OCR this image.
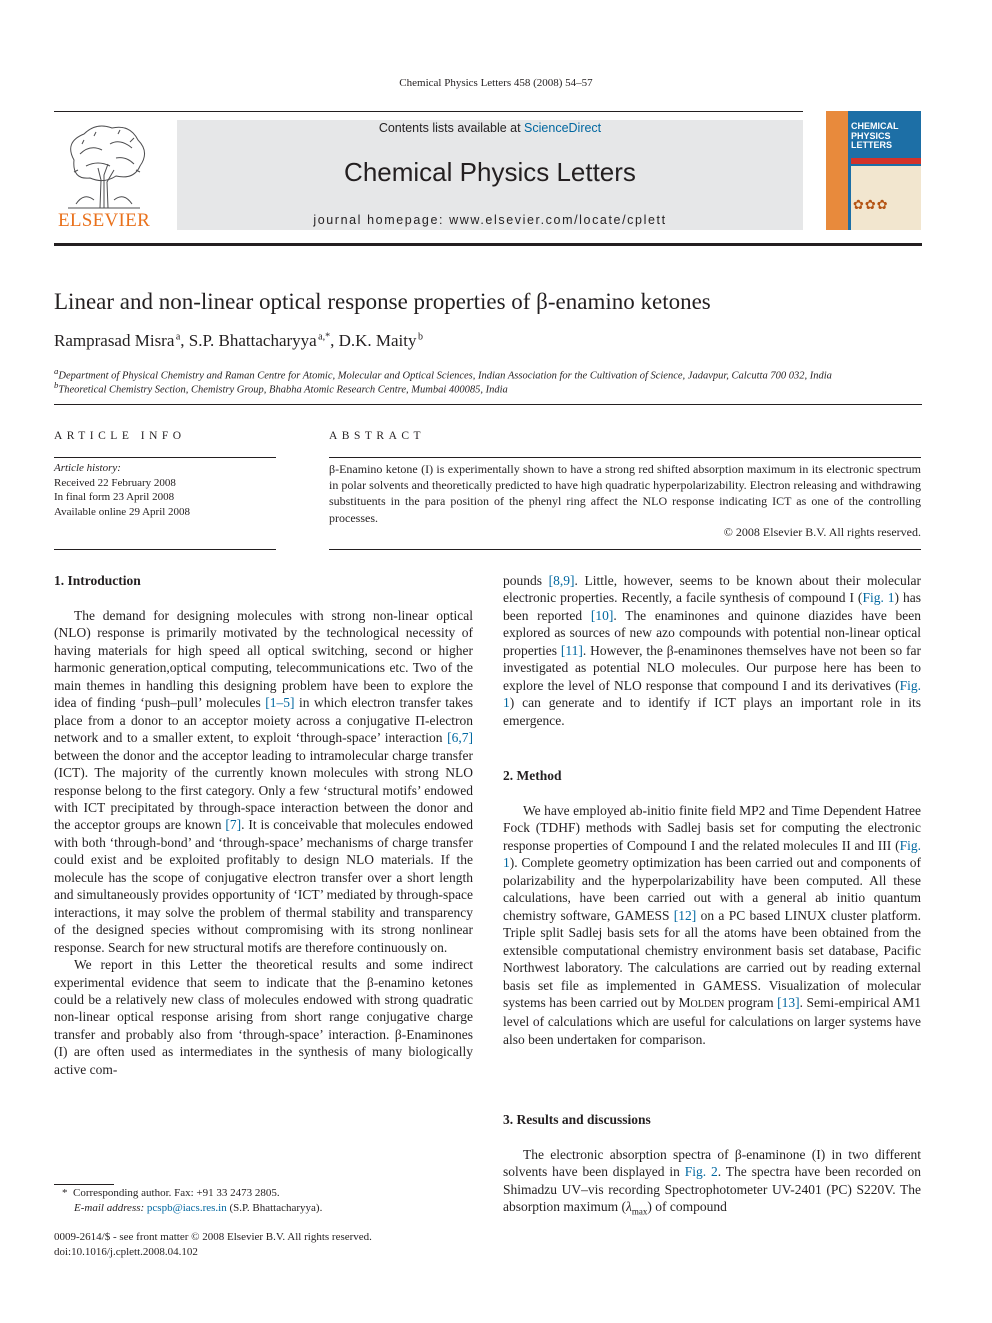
Chemical Physics Letters 458 (2008) 54–57
ELSEVIER
Contents lists available at ScienceDirect
Chemical Physics Letters
journal homepage: www.elsevier.com/locate/cplett
CHEMICAL
PHYSICS
LETTERS
✿✿✿
Linear and non-linear optical response properties of β-enamino ketones
Ramprasad Misra $^a$, S.P. Bhattacharyya $^{a,*}$, D.K. Maity $^b$
$^a$Department of Physical Chemistry and Raman Centre for Atomic, Molecular and Optical Sciences, Indian Association for the Cultivation of Science, Jadavpur, Calcutta 700 032, India
$^b$Theoretical Chemistry Section, Chemistry Group, Bhabha Atomic Research Centre, Mumbai 400085, India
ARTICLE INFO
Article history:
Received 22 February 2008
In final form 23 April 2008
Available online 29 April 2008
ABSTRACT
β-Enamino ketone (I) is experimentally shown to have a strong red shifted absorption maximum in its electronic spectrum in polar solvents and theoretically predicted to have high quadratic hyperpolarizability. Electron releasing and withdrawing substituents in the para position of the phenyl ring affect the NLO response indicating ICT as one of the controlling processes.
© 2008 Elsevier B.V. All rights reserved.
1. Introduction

The demand for designing molecules with strong non-linear optical (NLO) response is primarily motivated by the technological necessity of having materials for high speed all optical switching, second or higher harmonic generation,optical computing, telecommunications etc. Two of the main themes in handling this designing problem have been to explore the idea of finding ‘push–pull’ molecules [1–5] in which electron transfer takes place from a donor to an acceptor moiety across a conjugative Π-electron network and to a smaller extent, to exploit ‘through-space’ interaction [6,7] between the donor and the acceptor leading to intramolecular charge transfer (ICT). The majority of the currently known molecules with strong NLO response belong to the first category. Only a few ‘structural motifs’ endowed with ICT precipitated by through-space interaction between the donor and the acceptor groups are known [7]. It is conceivable that molecules endowed with both ‘through-bond’ and ‘through-space’ mechanisms of charge transfer could exist and be exploited profitably to design NLO materials. If the molecule has the scope of conjugative electron transfer over a short length and simultaneously provides opportunity of ‘ICT’ mediated by through-space interactions, it may solve the problem of thermal stability and transparency of the designed species without compromising with its strong nonlinear response. Search for new structural motifs are therefore continuously on.

We report in this Letter the theoretical results and some indirect experimental evidence that seem to indicate that the β-enamino ketones could be a relatively new class of molecules endowed with strong quadratic non-linear optical response arising from short range conjugative charge transfer and probably also from ‘through-space’ interaction. β-Enaminones (I) are often used as intermediates in the synthesis of many biologically active com-

pounds [8,9]. Little, however, seems to be known about their molecular electronic properties. Recently, a facile synthesis of compound I (Fig. 1) has been reported [10]. The enaminones and quinone diazides have been explored as sources of new azo compounds with potential non-linear optical properties [11]. However, the β-enaminones themselves have not been so far investigated as potential NLO molecules. Our purpose here has been to explore the level of NLO response that compound I and its derivatives (Fig. 1) can generate and to identify if ICT plays an important role in its emergence.

2. Method

We have employed ab-initio finite field MP2 and Time Dependent Hatree Fock (TDHF) methods with Sadlej basis set for computing the electronic response properties of Compound I and the related molecules II and III (Fig. 1). Complete geometry optimization has been carried out and components of polarizability and the hyperpolarizability have been computed. All these calculations, have been carried out with a general ab initio quantum chemistry software, GAMESS [12] on a PC based LINUX cluster platform. Triple split Sadlej basis sets for all the atoms have been obtained from the extensible computational chemistry environment basis set database, Pacific Northwest laboratory. The calculations are carried out by reading external basis set file as implemented in GAMESS. Visualization of molecular systems has been carried out by MOLDEN program [13]. Semi-empirical AM1 level of calculations which are useful for calculations on larger systems have also been undertaken for comparison.

3. Results and discussions

The electronic absorption spectra of β-enaminone (I) in two different solvents have been displayed in Fig. 2. The spectra have been recorded on Shimadzu UV–vis recording Spectrophotometer UV-2401 (PC) S220V. The absorption maximum $(\lambda_{max})$ of compound

* Corresponding author. Fax: +91 33 2473 2805.
E-mail address: pcspb@iacs.res.in (S.P. Bhattacharyya).
0009-2614/$ - see front matter © 2008 Elsevier B.V. All rights reserved.
doi:10.1016/j.cplett.2008.04.102
